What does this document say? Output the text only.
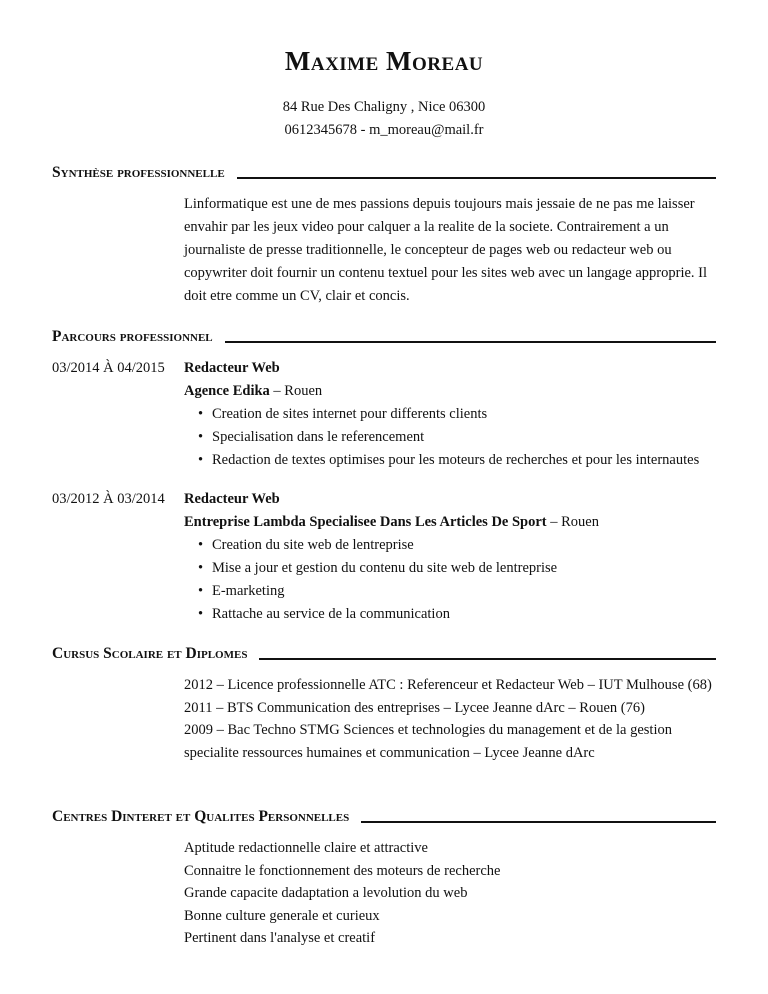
Maxime Moreau
84 Rue Des Chaligny , Nice 06300
0612345678 - m_moreau@mail.fr
Synthèse professionnelle
Linformatique est une de mes passions depuis toujours mais jessaie de ne pas me laisser envahir par les jeux video pour calquer a la realite de la societe. Contrairement a un journaliste de presse traditionnelle, le concepteur de pages web ou redacteur web ou copywriter doit fournir un contenu textuel pour les sites web avec un langage approprie. Il doit etre comme un CV, clair et concis.
Parcours professionnel
03/2014 À 04/2015 Redacteur Web
Agence Edika – Rouen
• Creation de sites internet pour differents clients
• Specialisation dans le referencement
• Redaction de textes optimises pour les moteurs de recherches et pour les internautes
03/2012 À 03/2014 Redacteur Web
Entreprise Lambda Specialisee Dans Les Articles De Sport – Rouen
• Creation du site web de lentreprise
• Mise a jour et gestion du contenu du site web de lentreprise
• E-marketing
• Rattache au service de la communication
Cursus Scolaire et Diplomes
2012 – Licence professionnelle ATC : Referenceur et Redacteur Web – IUT Mulhouse (68)
2011 – BTS Communication des entreprises – Lycee Jeanne dArc – Rouen (76)
2009 – Bac Techno STMG Sciences et technologies du management et de la gestion specialite ressources humaines et communication – Lycee Jeanne dArc
Centres Dinteret et Qualites Personnelles
Aptitude redactionnelle claire et attractive
Connaitre le fonctionnement des moteurs de recherche
Grande capacite dadaptation a levolution du web
Bonne culture generale et curieux
Pertinent dans l'analyse et creatif
